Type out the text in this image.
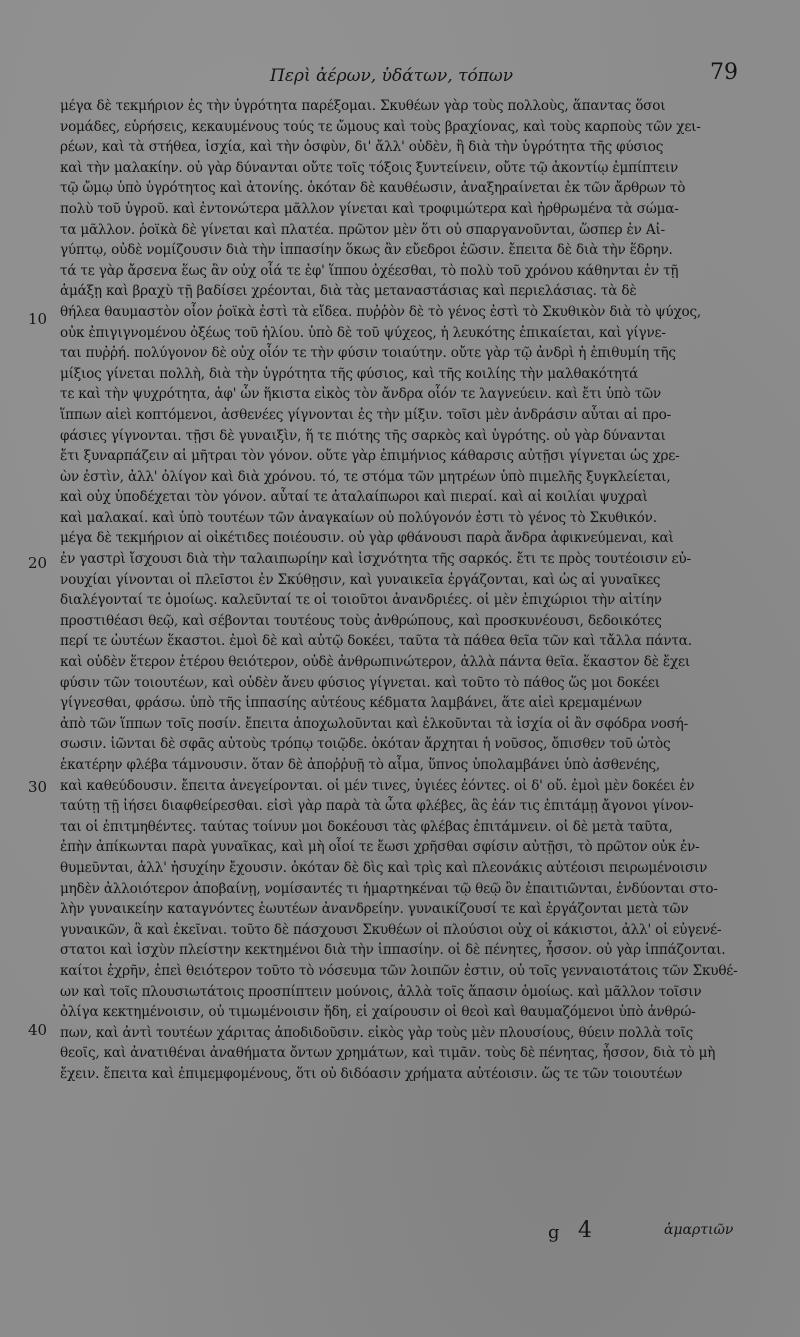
Περὶ ἀέρων, ὑδάτων, τόπων	79
10
20
30
40
μέγα δὲ τεκμήριον ἐς τὴν ὑγρότητα παρέξομαι. Σκυθέων γὰρ τοὺς πολλοὺς, ἅπαντας ὅσοι
νομάδες, εὑρήσεις, κεκαυμένους τούς τε ὤμους καὶ τοὺς βραχίονας, καὶ τοὺς καρποὺς τῶν χει-
ρέων, καὶ τὰ στήθεα, ἰσχία, καὶ τὴν ὀσφὺν, δι' ἄλλ' οὐδὲν, ἢ διὰ τὴν ὑγρότητα τῆς φύσιος
καὶ τὴν μαλακίην. οὐ γὰρ δύνανται οὔτε τοῖς τόξοις ξυντείνειν, οὔτε τῷ ἀκοντίῳ ἐμπίπτειν
τῷ ὤμῳ ὑπὸ ὑγρότητος καὶ ἀτονίης. ὁκόταν δὲ καυθέωσιν, ἀναξηραίνεται ἐκ τῶν ἄρθρων τὸ
πολὺ τοῦ ὑγροῦ. καὶ ἐντονώτερα μᾶλλον γίνεται καὶ τροφιμώτερα καὶ ἠρθρωμένα τὰ σώμα-
τα μᾶλλον. ῥοϊκὰ δὲ γίνεται καὶ πλατέα. πρῶτον μὲν ὅτι οὐ σπαργανοῦνται, ὥσπερ ἐν Αἰ-
γύπτῳ, οὐδὲ νομίζουσιν διὰ τὴν ἱππασίην ὅκως ἂν εὔεδροι ἐῶσιν. ἔπειτα δὲ διὰ τὴν ἕδρην.
τά τε γὰρ ἄρσενα ἕως ἂν οὐχ οἷά τε ἐφ' ἵππου ὀχέεσθαι, τὸ πολὺ τοῦ χρόνου κάθηνται ἐν τῇ
ἁμάξῃ καὶ βραχὺ τῇ βαδίσει χρέονται, διὰ τὰς μεταναστάσιας καὶ περιελάσιας. τὰ δὲ
θήλεα θαυμαστὸν οἷον ῥοϊκὰ ἐστὶ τὰ εἴδεα. πυῤῥὸν δὲ τὸ γένος ἐστὶ τὸ Σκυθικὸν διὰ τὸ ψύχος,
οὐκ ἐπιγιγνομένου ὀξέως τοῦ ἡλίου. ὑπὸ δὲ τοῦ ψύχεος, ἡ λευκότης ἐπικαίεται, καὶ γίγνε-
ται πυῤῥή. πολύγονον δὲ οὐχ οἷόν τε τὴν φύσιν τοιαύτην. οὔτε γὰρ τῷ ἀνδρὶ ἡ ἐπιθυμίη τῆς
μίξιος γίνεται πολλὴ, διὰ τὴν ὑγρότητα τῆς φύσιος, καὶ τῆς κοιλίης τὴν μαλθακότητά
τε καὶ τὴν ψυχρότητα, ἀφ' ὧν ἥκιστα εἰκὸς τὸν ἄνδρα οἷόν τε λαγνεύειν. καὶ ἔτι ὑπὸ τῶν
ἵππων αἰεὶ κοπτόμενοι, ἀσθενέες γίγνονται ἐς τὴν μίξιν. τοῖσι μὲν ἀνδράσιν αὗται αἱ προ-
φάσιες γίγνονται. τῇσι δὲ γυναιξὶν, ἥ τε πιότης τῆς σαρκὸς καὶ ὑγρότης. οὐ γὰρ δύνανται
ἔτι ξυναρπάζειν αἱ μῆτραι τὸν γόνον. οὔτε γὰρ ἐπιμήνιος κάθαρσις αὐτῇσι γίγνεται ὡς χρε-
ὼν ἐστὶν, ἀλλ' ὀλίγον καὶ διὰ χρόνου. τό, τε στόμα τῶν μητρέων ὑπὸ πιμελῆς ξυγκλείεται,
καὶ οὐχ ὑποδέχεται τὸν γόνον. αὗταί τε ἀταλαίπωροι καὶ πιεραί. καὶ αἱ κοιλίαι ψυχραὶ
καὶ μαλακαί. καὶ ὑπὸ τουτέων τῶν ἀναγκαίων οὐ πολύγονόν ἐστι τὸ γένος τὸ Σκυθικόν.
μέγα δὲ τεκμήριον αἱ οἰκέτιδες ποιέουσιν. οὐ γὰρ φθάνουσι παρὰ ἄνδρα ἀφικνεύμεναι, καὶ
ἐν γαστρὶ ἴσχουσι διὰ τὴν ταλαιπωρίην καὶ ἰσχνότητα τῆς σαρκός. ἔτι τε πρὸς τουτέοισιν εὐ-
νουχίαι γίνονται οἱ πλεῖστοι ἐν Σκύθῃσιν, καὶ γυναικεῖα ἐργάζονται, καὶ ὡς αἱ γυναῖκες
διαλέγονταί τε ὁμοίως. καλεῦνταί τε οἱ τοιοῦτοι ἀνανδριέες. οἱ μὲν ἐπιχώριοι τὴν αἰτίην
προστιθέασι θεῷ, καὶ σέβονται τουτέους τοὺς ἀνθρώπους, καὶ προσκυνέουσι, δεδοικότες
περί τε ὡυτέων ἕκαστοι. ἐμοὶ δὲ καὶ αὐτῷ δοκέει, ταῦτα τὰ πάθεα θεῖα τῶν καὶ τἄλλα πάντα.
καὶ οὐδὲν ἕτερον ἑτέρου θειότερον, οὐδὲ ἀνθρωπινώτερον, ἀλλὰ πάντα θεῖα. ἕκαστον δὲ ἔχει
φύσιν τῶν τοιουτέων, καὶ οὐδὲν ἄνευ φύσιος γίγνεται. καὶ τοῦτο τὸ πάθος ὥς μοι δοκέει
γίγνεσθαι, φράσω. ὑπὸ τῆς ἱππασίης αὐτέους κέδματα λαμβάνει, ἅτε αἰεὶ κρεμαμένων
ἀπὸ τῶν ἵππων τοῖς ποσίν. ἔπειτα ἀποχωλοῦνται καὶ ἑλκοῦνται τὰ ἰσχία οἱ ἂν σφόδρα νοσή-
σωσιν. ἰῶνται δὲ σφᾶς αὐτοὺς τρόπῳ τοιῷδε. ὁκόταν ἄρχηται ἡ νοῦσος, ὄπισθεν τοῦ ὠτὸς
ἑκατέρην φλέβα τάμνουσιν. ὅταν δὲ ἀποῤῥυῇ τὸ αἷμα, ὕπνος ὑπολαμβάνει ὑπὸ ἀσθενέης,
καὶ καθεύδουσιν. ἔπειτα ἀνεγείρονται. οἱ μέν τινες, ὑγιέες ἐόντες. οἱ δ' οὔ. ἐμοὶ μὲν δοκέει ἐν
ταύτῃ τῇ ἰήσει διαφθείρεσθαι. εἰσὶ γὰρ παρὰ τὰ ὦτα φλέβες, ἃς ἐάν τις ἐπιτάμῃ ἄγονοι γίνον-
ται οἱ ἐπιτμηθέντες. ταύτας τοίνυν μοι δοκέουσι τὰς φλέβας ἐπιτάμνειν. οἱ δὲ μετὰ ταῦτα,
ἐπὴν ἀπίκωνται παρὰ γυναῖκας, καὶ μὴ οἷοί τε ἔωσι χρῆσθαι σφίσιν αὐτῇσι, τὸ πρῶτον οὐκ ἐν-
θυμεῦνται, ἀλλ' ἡσυχίην ἔχουσιν. ὁκόταν δὲ δὶς καὶ τρὶς καὶ πλεονάκις αὐτέοισι πειρωμένοισιν
μηδὲν ἀλλοιότερον ἀποβαίνῃ, νομίσαντές τι ἡμαρτηκέναι τῷ θεῷ ὃν ἐπαιτιῶνται, ἐνδύονται στο-
λὴν γυναικείην καταγνόντες ἑωυτέων ἀνανδρείην. γυναικίζουσί τε καὶ ἐργάζονται μετὰ τῶν
γυναικῶν, ἃ καὶ ἐκεῖναι. τοῦτο δὲ πάσχουσι Σκυθέων οἱ πλούσιοι οὐχ οἱ κάκιστοι, ἀλλ' οἱ εὐγενέ-
στατοι καὶ ἰσχὺν πλείστην κεκτημένοι διὰ τὴν ἱππασίην. οἱ δὲ πένητες, ἧσσον. οὐ γὰρ ἱππάζονται.
καίτοι ἐχρῆν, ἐπεὶ θειότερον τοῦτο τὸ νόσευμα τῶν λοιπῶν ἐστιν, οὐ τοῖς γενναιοτάτοις τῶν Σκυθέ-
ων καὶ τοῖς πλουσιωτάτοις προσπίπτειν μούνοις, ἀλλὰ τοῖς ἅπασιν ὁμοίως. καὶ μᾶλλον τοῖσιν
ὀλίγα κεκτημένοισιν, οὐ τιμωμένοισιν ἤδη, εἰ χαίρουσιν οἱ θεοὶ καὶ θαυμαζόμενοι ὑπὸ ἀνθρώ-
πων, καὶ ἀντὶ τουτέων χάριτας ἀποδιδοῦσιν. εἰκὸς γὰρ τοὺς μὲν πλουσίους, θύειν πολλὰ τοῖς
θεοῖς, καὶ ἀνατιθέναι ἀναθήματα ὄντων χρημάτων, καὶ τιμᾶν. τοὺς δὲ πένητας, ἧσσον, διὰ τὸ μὴ
ἔχειν. ἔπειτα καὶ ἐπιμεμφομένους, ὅτι οὐ διδόασιν χρήματα αὐτέοισιν. ὥς τε τῶν τοιουτέων
g 4	ἁμαρτιῶν
